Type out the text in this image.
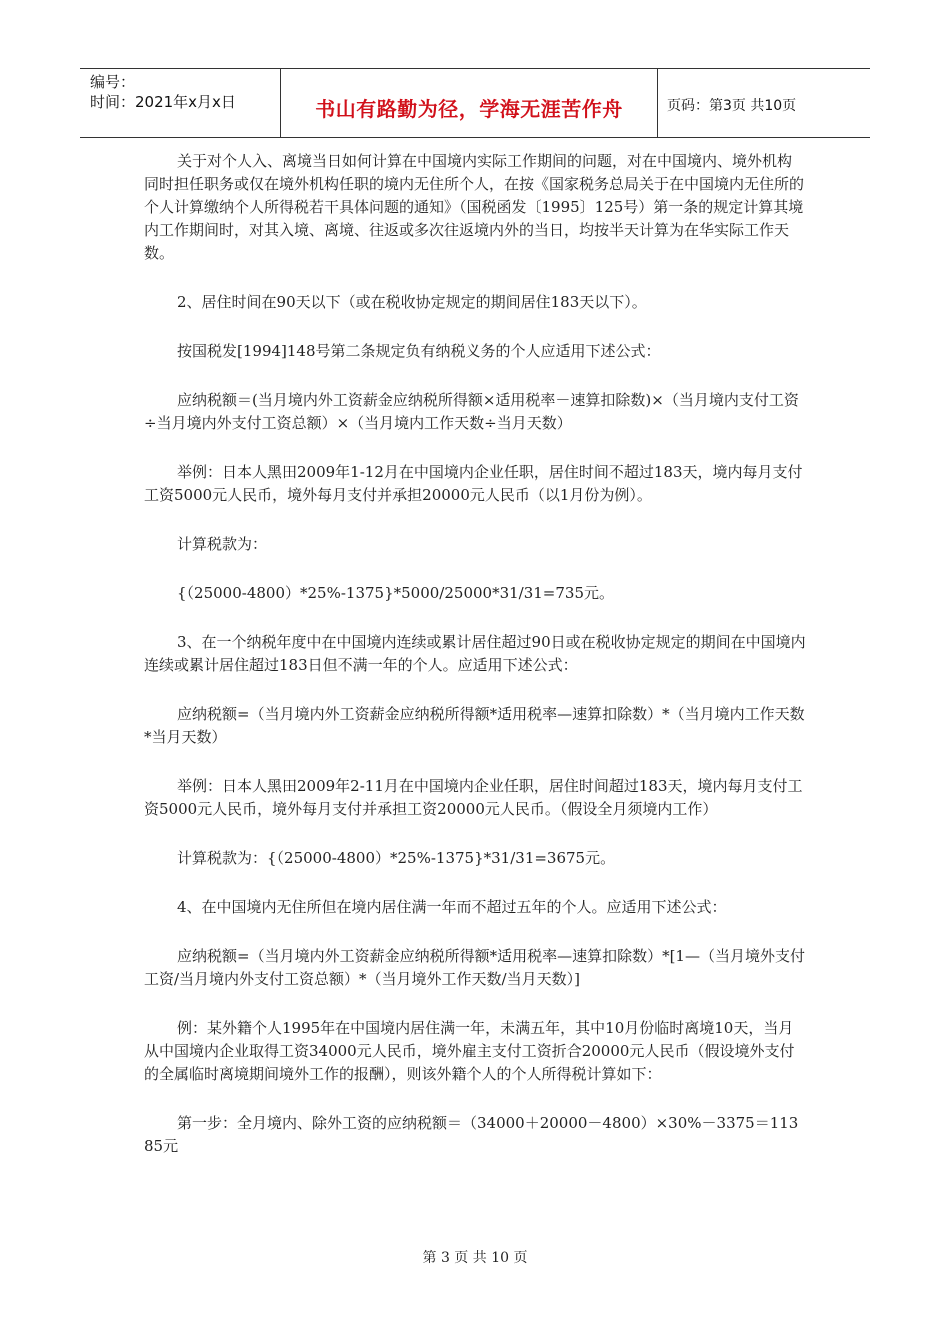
编号：
时间：2021年x月x日	书山有路勤为径，学海无涯苦作舟	页码：第3页 共10页

关于对个人入、离境当日如何计算在中国境内实际工作期间的问题，对在中国境内、境外机构同时担任职务或仅在境外机构任职的境内无住所个人，在按《国家税务总局关于在中国境内无住所的个人计算缴纳个人所得税若干具体问题的通知》（国税函发〔1995〕125号）第一条的规定计算其境内工作期间时，对其入境、离境、往返或多次往返境内外的当日，均按半天计算为在华实际工作天数。

2、居住时间在90天以下（或在税收协定规定的期间居住183天以下）。

按国税发[1994]148号第二条规定负有纳税义务的个人应适用下述公式：

应纳税额＝(当月境内外工资薪金应纳税所得额×适用税率－速算扣除数)×（当月境内支付工资÷当月境内外支付工资总额）×（当月境内工作天数÷当月天数）

举例：日本人黑田2009年1-12月在中国境内企业任职，居住时间不超过183天，境内每月支付工资5000元人民币，境外每月支付并承担20000元人民币（以1月份为例）。

计算税款为：

{（25000-4800）*25%-1375}*5000/25000*31/31=735元。

3、在一个纳税年度中在中国境内连续或累计居住超过90日或在税收协定规定的期间在中国境内连续或累计居住超过183日但不满一年的个人。应适用下述公式：

应纳税额=（当月境内外工资薪金应纳税所得额*适用税率—速算扣除数）*（当月境内工作天数*当月天数）

举例：日本人黑田2009年2-11月在中国境内企业任职，居住时间超过183天，境内每月支付工资5000元人民币，境外每月支付并承担工资20000元人民币。（假设全月须境内工作）

计算税款为：{（25000-4800）*25%-1375}*31/31=3675元。

4、在中国境内无住所但在境内居住满一年而不超过五年的个人。应适用下述公式：

应纳税额=（当月境内外工资薪金应纳税所得额*适用税率—速算扣除数）*[1—（当月境外支付工资/当月境内外支付工资总额）*（当月境外工作天数/当月天数）]

例：某外籍个人1995年在中国境内居住满一年，未满五年，其中10月份临时离境10天，当月从中国境内企业取得工资34000元人民币，境外雇主支付工资折合20000元人民币（假设境外支付的全属临时离境期间境外工作的报酬），则该外籍个人的个人所得税计算如下：

第一步：全月境内、除外工资的应纳税额＝（34000＋20000－4800）×30%－3375＝11385元

第 3 页 共 10 页
